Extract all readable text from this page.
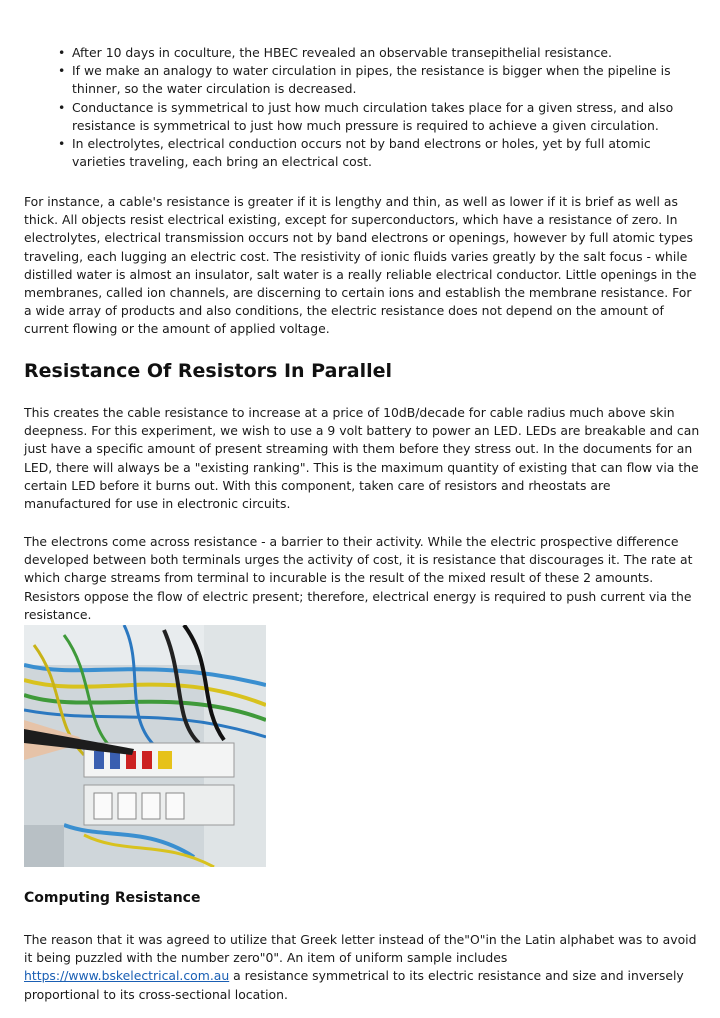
• After 10 days in coculture, the HBEC revealed an observable transepithelial resistance.
• If we make an analogy to water circulation in pipes, the resistance is bigger when the pipeline is thinner, so the water circulation is decreased.
• Conductance is symmetrical to just how much circulation takes place for a given stress, and also resistance is symmetrical to just how much pressure is required to achieve a given circulation.
• In electrolytes, electrical conduction occurs not by band electrons or holes, yet by full atomic varieties traveling, each bring an electrical cost.

For instance, a cable's resistance is greater if it is lengthy and thin, as well as lower if it is brief as well as thick. All objects resist electrical existing, except for superconductors, which have a resistance of zero. In electrolytes, electrical transmission occurs not by band electrons or openings, however by full atomic types traveling, each lugging an electric cost. The resistivity of ionic fluids varies greatly by the salt focus - while distilled water is almost an insulator, salt water is a really reliable electrical conductor. Little openings in the membranes, called ion channels, are discerning to certain ions and establish the membrane resistance. For a wide array of products and also conditions, the electric resistance does not depend on the amount of current flowing or the amount of applied voltage.

Resistance Of Resistors In Parallel

This creates the cable resistance to increase at a price of 10dB/decade for cable radius much above skin deepness. For this experiment, we wish to use a 9 volt battery to power an LED. LEDs are breakable and can just have a specific amount of present streaming with them before they stress out. In the documents for an LED, there will always be a "existing ranking". This is the maximum quantity of existing that can flow via the certain LED before it burns out. With this component, taken care of resistors and rheostats are manufactured for use in electronic circuits.

The electrons come across resistance - a barrier to their activity. While the electric prospective difference developed between both terminals urges the activity of cost, it is resistance that discourages it. The rate at which charge streams from terminal to incurable is the result of the mixed result of these 2 amounts. Resistors oppose the flow of electric present; therefore, electrical energy is required to push current via the resistance.

Computing Resistance

The reason that it was agreed to utilize that Greek letter instead of the"O"in the Latin alphabet was to avoid it being puzzled with the number zero"0". An item of uniform sample includes https://www.bskelectrical.com.au a resistance symmetrical to its electric resistance and size and inversely proportional to its cross-sectional location.
